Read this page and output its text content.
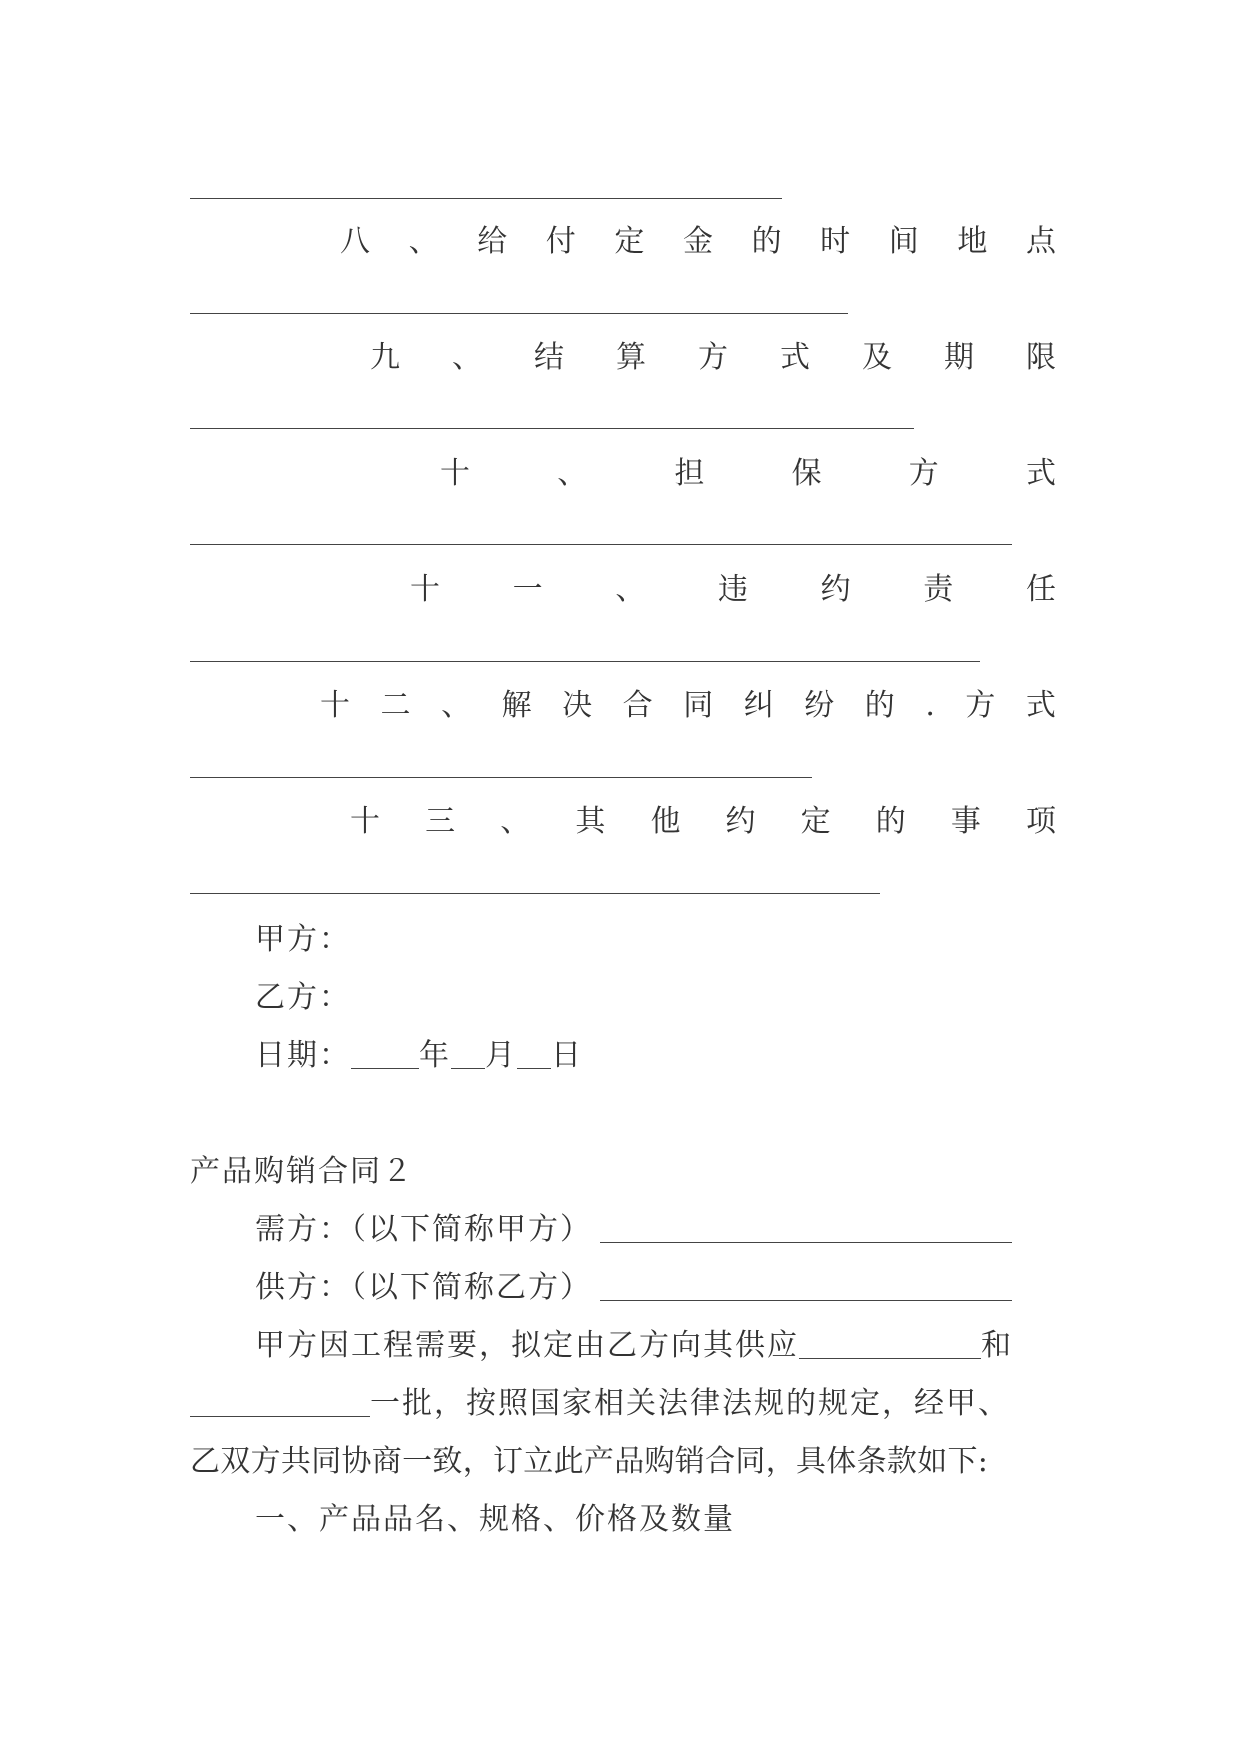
八 、 给 付 定 金 的 时 间 地 点
九 、 结 算 方 式 及 期 限
十	、	担	保	方	式
十 一 、 违 约 责 任
十 二 、 解 决 合 同 纠 纷 的 . 方 式
十 三 、 其 他 约 定 的 事 项
甲方：
乙方：
日期： 年 月 日
产品购销合同２
需方：（以下简称甲方）
供方：（以下简称乙方）
甲方因工程需要，拟定由乙方向其供应	和
一批，按照国家相关法律法规的规定，经甲、
乙双方共同协商一致，订立此产品购销合同，具体条款如下:
一、产品品名、规格、价格及数量
